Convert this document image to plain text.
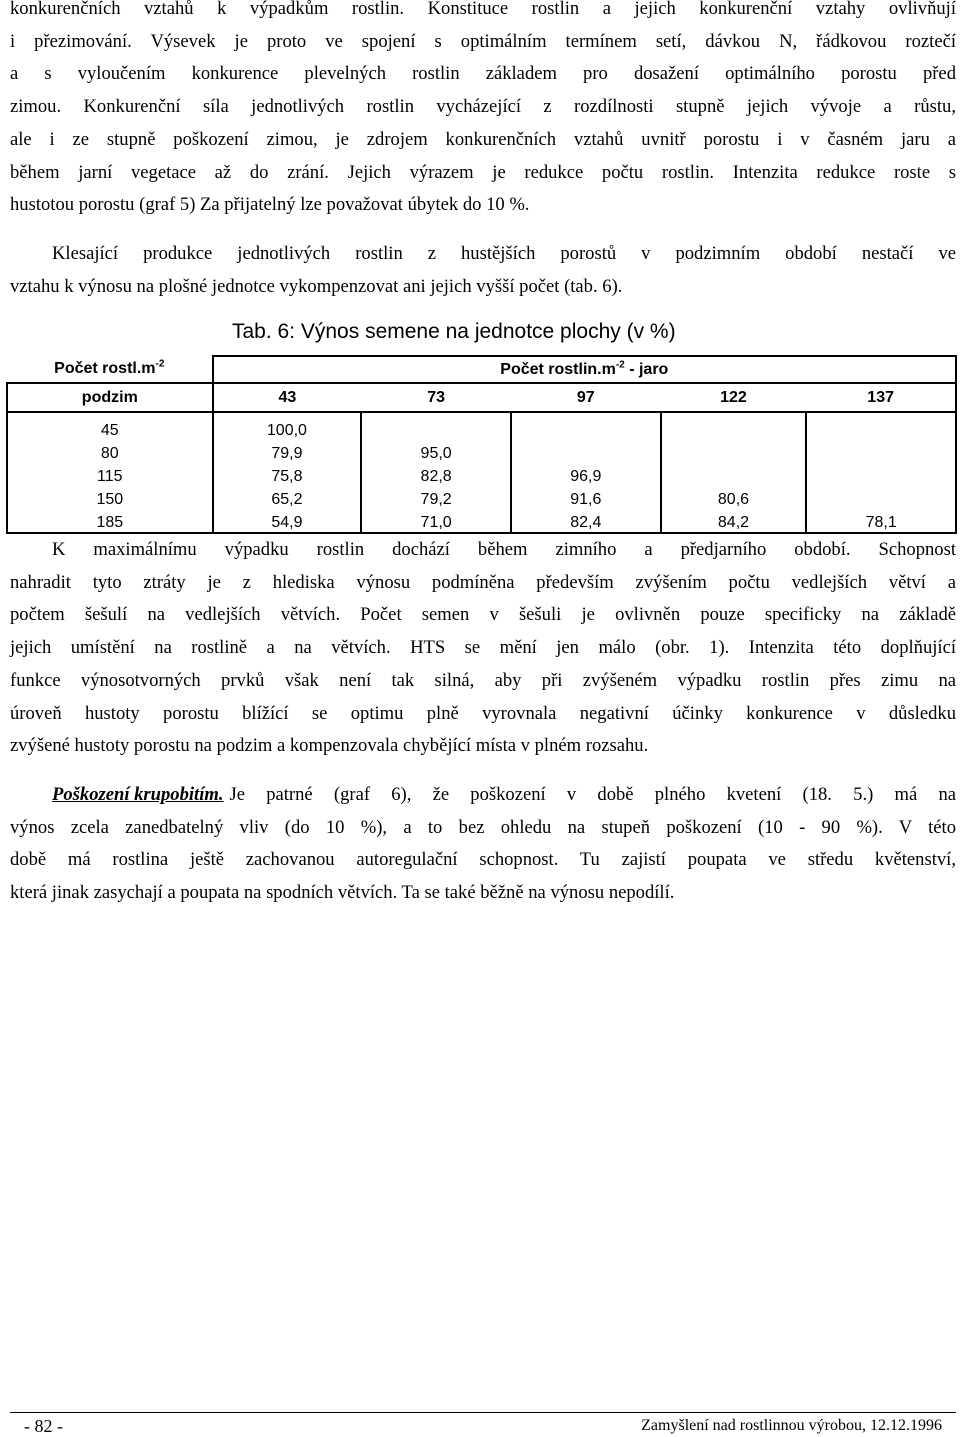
konkurenčních vztahů k výpadkům rostlin. Konstituce rostlin a jejich konkurenční vztahy ovlivňují
i přezimování. Výsevek je proto ve spojení s optimálním termínem setí, dávkou N, řádkovou roztečí
a s vyloučením konkurence plevelných rostlin základem pro dosažení optimálního porostu před
zimou. Konkurenční síla jednotlivých rostlin vycházející z rozdílnosti stupně jejich vývoje a růstu,
ale i ze stupně poškození zimou, je zdrojem konkurenčních vztahů uvnitř porostu i v časném jaru a
během jarní vegetace až do zrání. Jejich výrazem je redukce počtu rostlin. Intenzita redukce roste s
hustotou porostu (graf 5) Za přijatelný lze považovat úbytek do 10 %.
Klesající produkce jednotlivých rostlin z hustějších porostů v podzimním období nestačí ve
vztahu k výnosu na plošné jednotce vykompenzovat ani jejich vyšší počet (tab. 6).
Tab. 6: Výnos semene na jednotce plochy (v %)
Počet $rostl.m^{-2}$	Počet $rostlin.m^{-2}$ - jaro				
podzim	43	73	97	122	137
45	100,0				
80	79,9	95,0			
115	75,8	82,8	96,9		
150	65,2	79,2	91,6	80,6	
185	54,9	71,0	82,4	84,2	78,1
K maximálnímu výpadku rostlin dochází během zimního a předjarního období. Schopnost
nahradit tyto ztráty je z hlediska výnosu podmíněna především zvýšením počtu vedlejších větví a
počtem šešulí na vedlejších větvích. Počet semen v šešuli je ovlivněn pouze specificky na základě
jejich umístění na rostlině a na větvích. HTS se mění jen málo (obr. 1). Intenzita této doplňující
funkce výnosotvorných prvků však není tak silná, aby při zvýšeném výpadku rostlin přes zimu na
úroveň hustoty porostu blížící se optimu plně vyrovnala negativní účinky konkurence v důsledku
zvýšené hustoty porostu na podzim a kompenzovala chybějící místa v plném rozsahu.
Poškození krupobitím. Je patrné (graf 6), že poškození v době plného kvetení (18. 5.) má na
výnos zcela zanedbatelný vliv (do 10 %), a to bez ohledu na stupeň poškození (10 - 90 %). V této
době má rostlina ještě zachovanou autoregulační schopnost. Tu zajistí poupata ve středu květenství,
která jinak zasychají a poupata na spodních větvích. Ta se také běžně na výnosu nepodílí.
- 82 -	Zamyšlení nad rostlinnou výrobou, 12.12.1996
